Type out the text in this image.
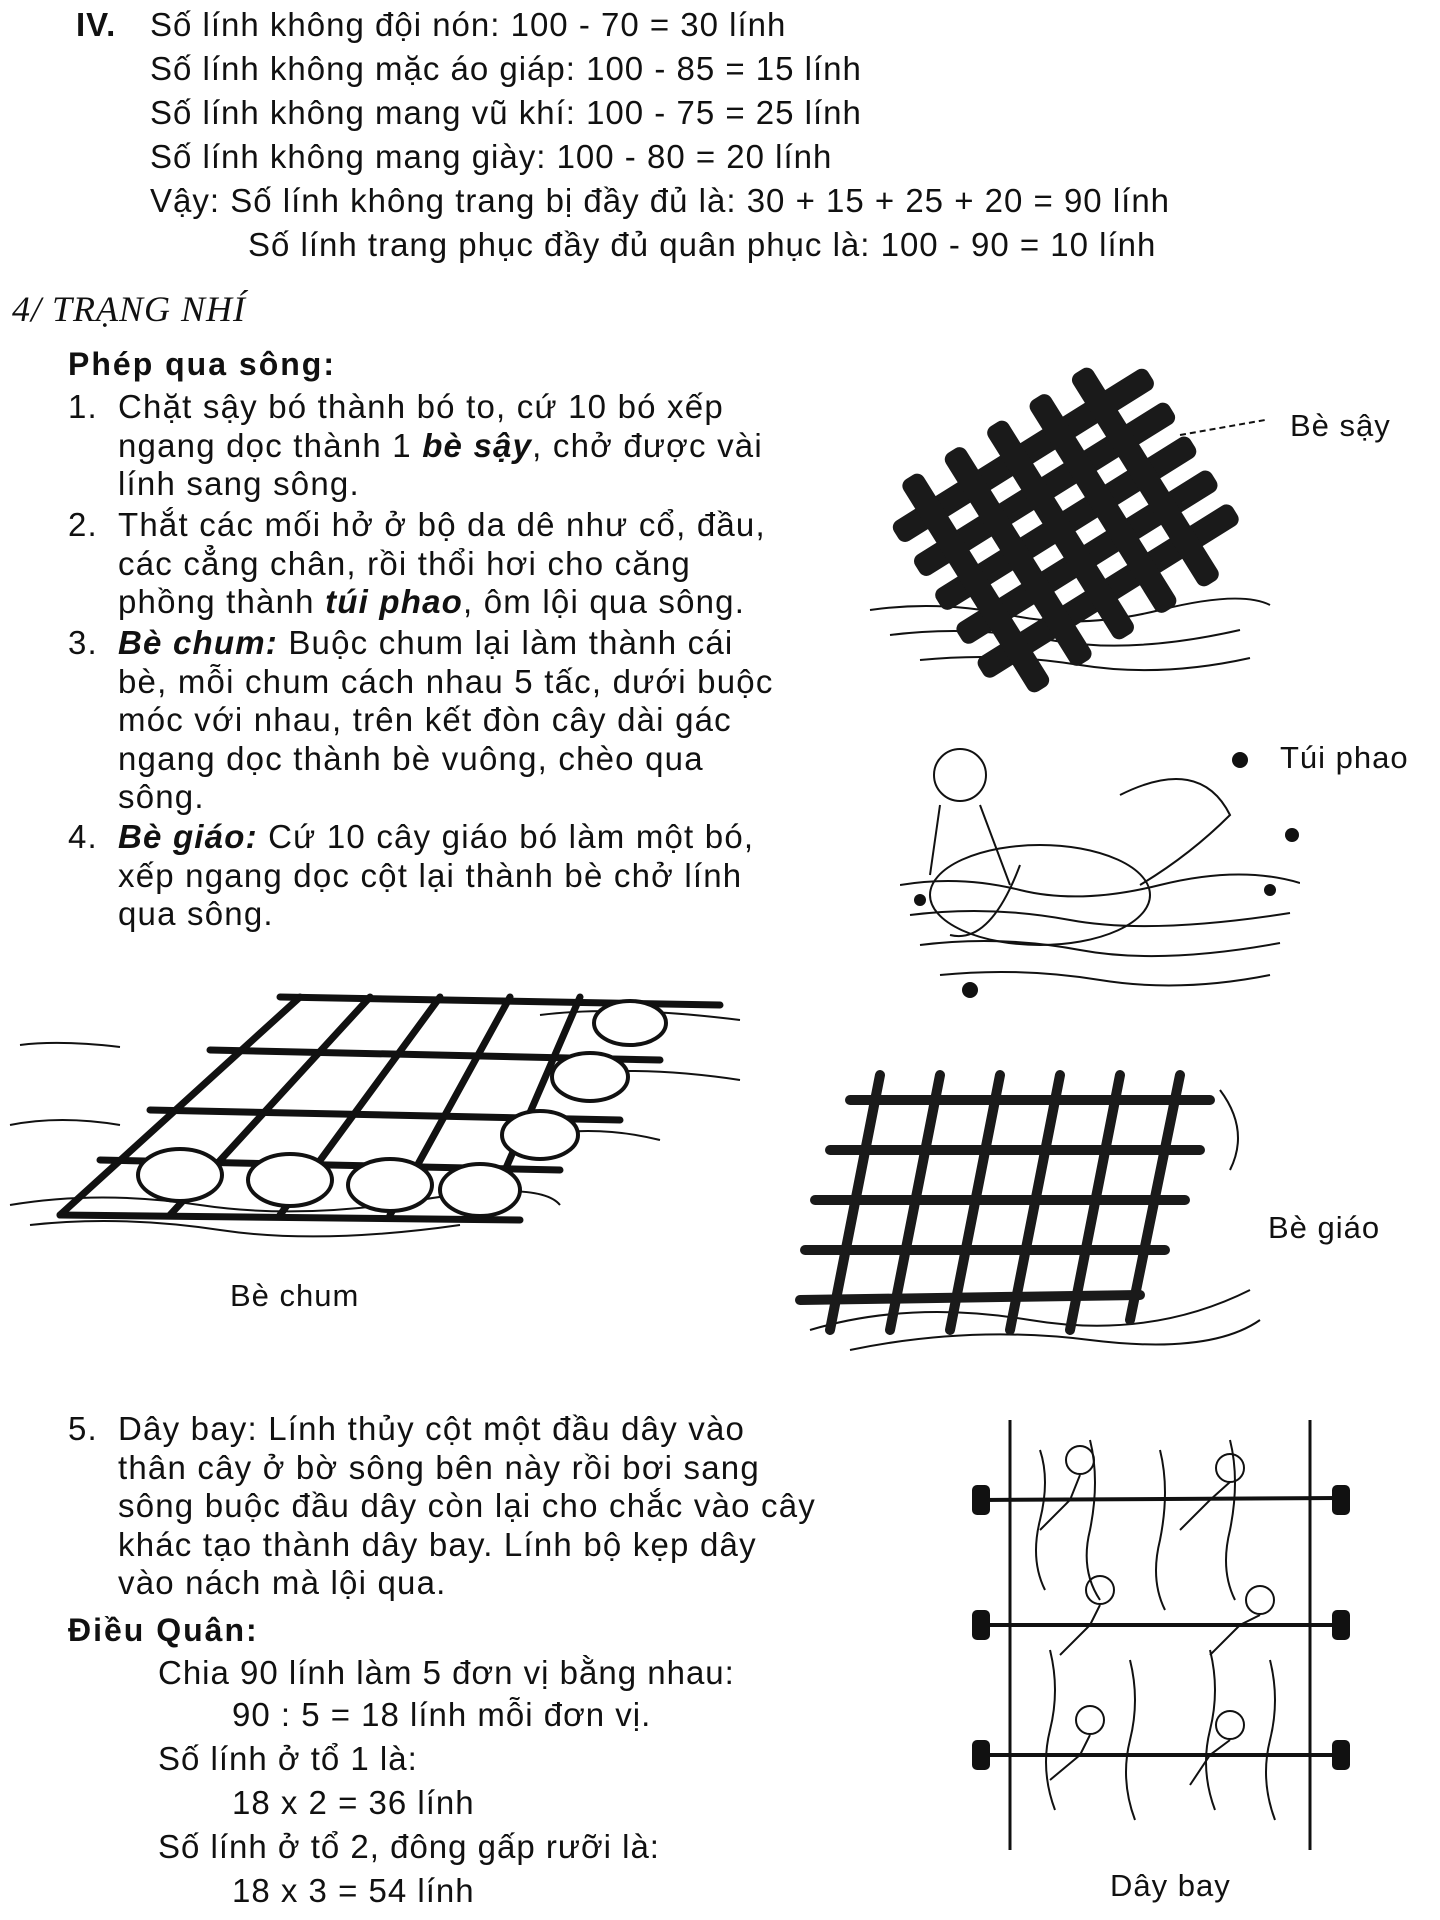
IV. Số lính không đội nón: 100 - 70 = 30 lính
Số lính không mặc áo giáp: 100 - 85 = 15 lính
Số lính không mang vũ khí: 100 - 75 = 25 lính
Số lính không mang giày: 100 - 80 = 20 lính
Vậy: Số lính không trang bị đầy đủ là: 30 + 15 + 25 + 20 = 90 lính
Số lính trang phục đầy đủ quân phục là: 100 - 90 = 10 lính
4/ TRẠNG NHÍ
Phép qua sông:
1. Chặt sậy bó thành bó to, cứ 10 bó xếp
ngang dọc thành 1 bè sậy, chở được vài
lính sang sông.
2. Thắt các mối hở ở bộ da dê như cổ, đầu,
các cẳng chân, rồi thổi hơi cho căng
phồng thành túi phao, ôm lội qua sông.
3. Bè chum: Buộc chum lại làm thành cái
bè, mỗi chum cách nhau 5 tấc, dưới buộc
móc với nhau, trên kết đòn cây dài gác
ngang dọc thành bè vuông, chèo qua
sông.
4. Bè giáo: Cứ 10 cây giáo bó làm một bó,
xếp ngang dọc cột lại thành bè chở lính
qua sông.
5. Dây bay: Lính thủy cột một đầu dây vào
thân cây ở bờ sông bên này rồi bơi sang
sông buộc đầu dây còn lại cho chắc vào cây
khác tạo thành dây bay. Lính bộ kẹp dây
vào nách mà lội qua.
Điều Quân:
Chia 90 lính làm 5 đơn vị bằng nhau:
90 : 5 = 18 lính mỗi đơn vị.
Số lính ở tổ 1 là:
18 x 2 = 36 lính
Số lính ở tổ 2, đông gấp rưỡi là:
18 x 3 = 54 lính
Bè sậy
Túi phao
Bè chum
Bè giáo
Dây bay
